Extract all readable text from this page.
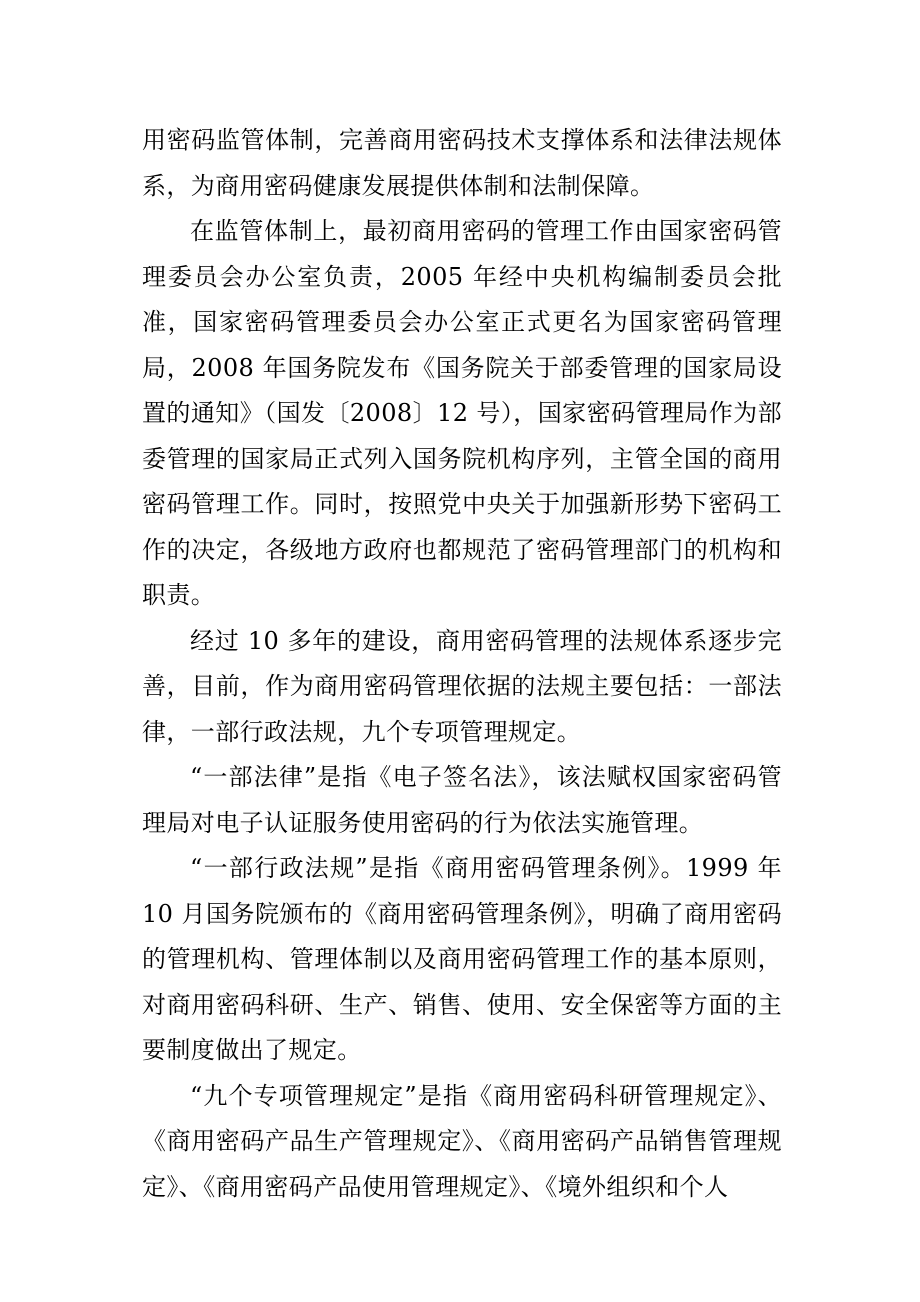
用密码监管体制，完善商用密码技术支撑体系和法律法规体系，为商用密码健康发展提供体制和法制保障。

在监管体制上，最初商用密码的管理工作由国家密码管理委员会办公室负责，2005 年经中央机构编制委员会批准，国家密码管理委员会办公室正式更名为国家密码管理局，2008 年国务院发布《国务院关于部委管理的国家局设置的通知》（国发〔2008〕12 号），国家密码管理局作为部委管理的国家局正式列入国务院机构序列，主管全国的商用密码管理工作。同时，按照党中央关于加强新形势下密码工作的决定，各级地方政府也都规范了密码管理部门的机构和职责。

经过 10 多年的建设，商用密码管理的法规体系逐步完善，目前，作为商用密码管理依据的法规主要包括：一部法律，一部行政法规，九个专项管理规定。

“一部法律”是指《电子签名法》，该法赋权国家密码管理局对电子认证服务使用密码的行为依法实施管理。

“一部行政法规”是指《商用密码管理条例》。1999 年 10 月国务院颁布的《商用密码管理条例》，明确了商用密码的管理机构、管理体制以及商用密码管理工作的基本原则，对商用密码科研、生产、销售、使用、安全保密等方面的主要制度做出了规定。

“九个专项管理规定”是指《商用密码科研管理规定》、《商用密码产品生产管理规定》、《商用密码产品销售管理规定》、《商用密码产品使用管理规定》、《境外组织和个人
